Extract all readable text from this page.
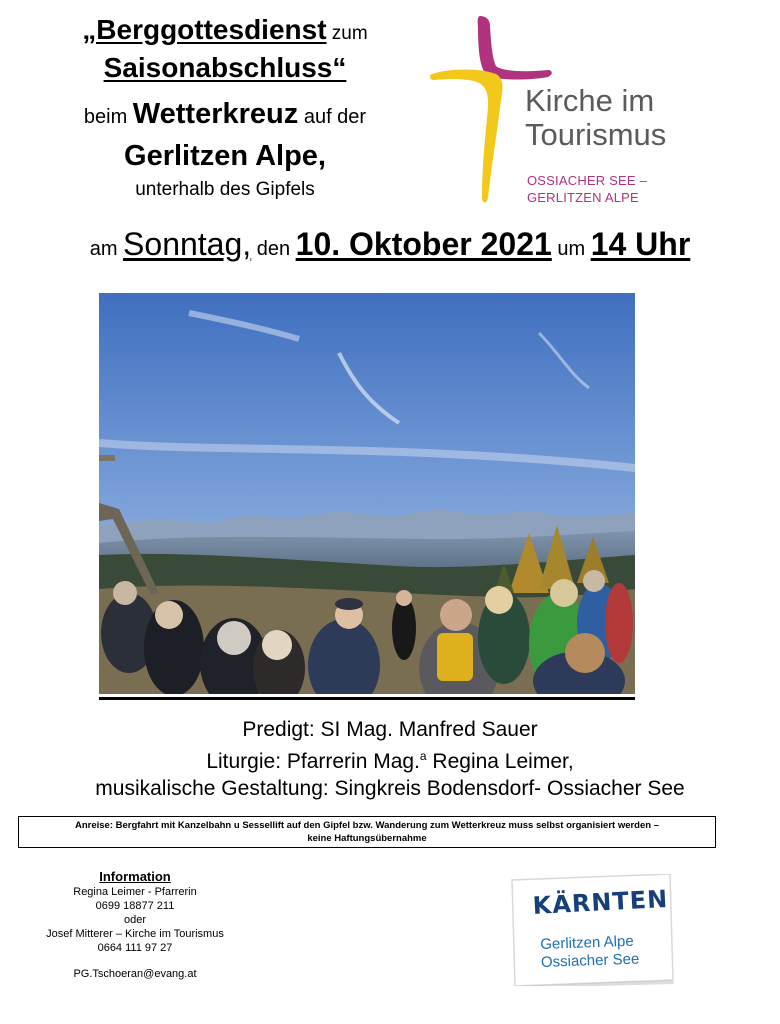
„Berggottesdienst zum
Saisonabschluss“
beim Wetterkreuz auf der
Gerlitzen Alpe,
unterhalb des Gipfels
Kirche im
Tourismus
OSSIACHER SEE –
GERLITZEN ALPE
am Sonntag, den 10. Oktober 2021 um 14 Uhr
Predigt: SI Mag. Manfred Sauer
Liturgie: Pfarrerin Mag.$^a$ Regina Leimer,
musikalische Gestaltung: Singkreis Bodensdorf- Ossiacher See
Anreise: Bergfahrt mit Kanzelbahn u Sessellift auf den Gipfel bzw. Wanderung zum Wetterkreuz muss selbst organisiert werden –
keine Haftungsübernahme
Information
Regina Leimer - Pfarrerin
0699 18877 211
oder
Josef Mitterer – Kirche im Tourismus
0664 111 97 27
PG.Tschoeran@evang.at
KÄRNTEN
Gerlitzen Alpe
Ossiacher See
